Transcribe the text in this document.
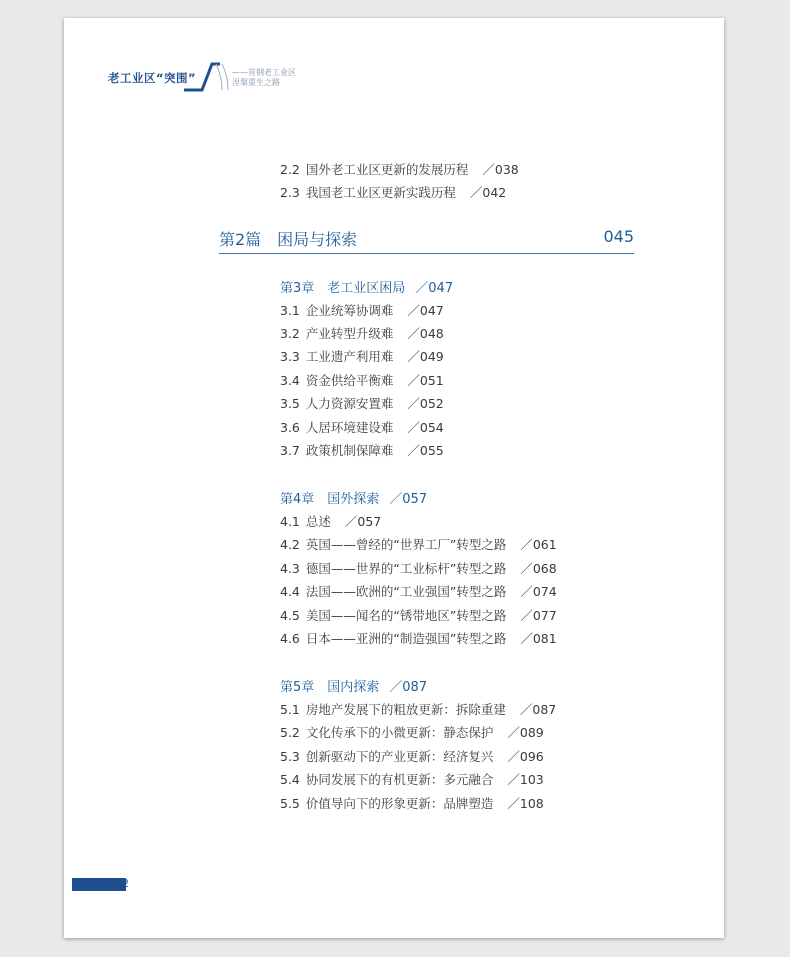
老工业区“突围”	——首钢老工业区
涅槃重生之路
2.2 国外老工业区更新的发展历程 ／038
2.3 我国老工业区更新实践历程 ／042
第2篇　困局与探索	045
第3章　老工业区困局 ／047
3.1 企业统筹协调难 ／047
3.2 产业转型升级难 ／048
3.3 工业遗产利用难 ／049
3.4 资金供给平衡难 ／051
3.5 人力资源安置难 ／052
3.6 人居环境建设难 ／054
3.7 政策机制保障难 ／055
第4章　国外探索 ／057
4.1 总述 ／057
4.2 英国——曾经的“世界工厂”转型之路 ／061
4.3 德国——世界的“工业标杆”转型之路 ／068
4.4 法国——欧洲的“工业强国”转型之路 ／074
4.5 美国——闻名的“锈带地区”转型之路 ／077
4.6 日本——亚洲的“制造强国”转型之路 ／081
第5章　国内探索 ／087
5.1 房地产发展下的粗放更新：拆除重建 ／087
5.2 文化传承下的小微更新：静态保护 ／089
5.3 创新驱动下的产业更新：经济复兴 ／096
5.4 协同发展下的有机更新：多元融合 ／103
5.5 价值导向下的形象更新：品牌塑造 ／108
12
